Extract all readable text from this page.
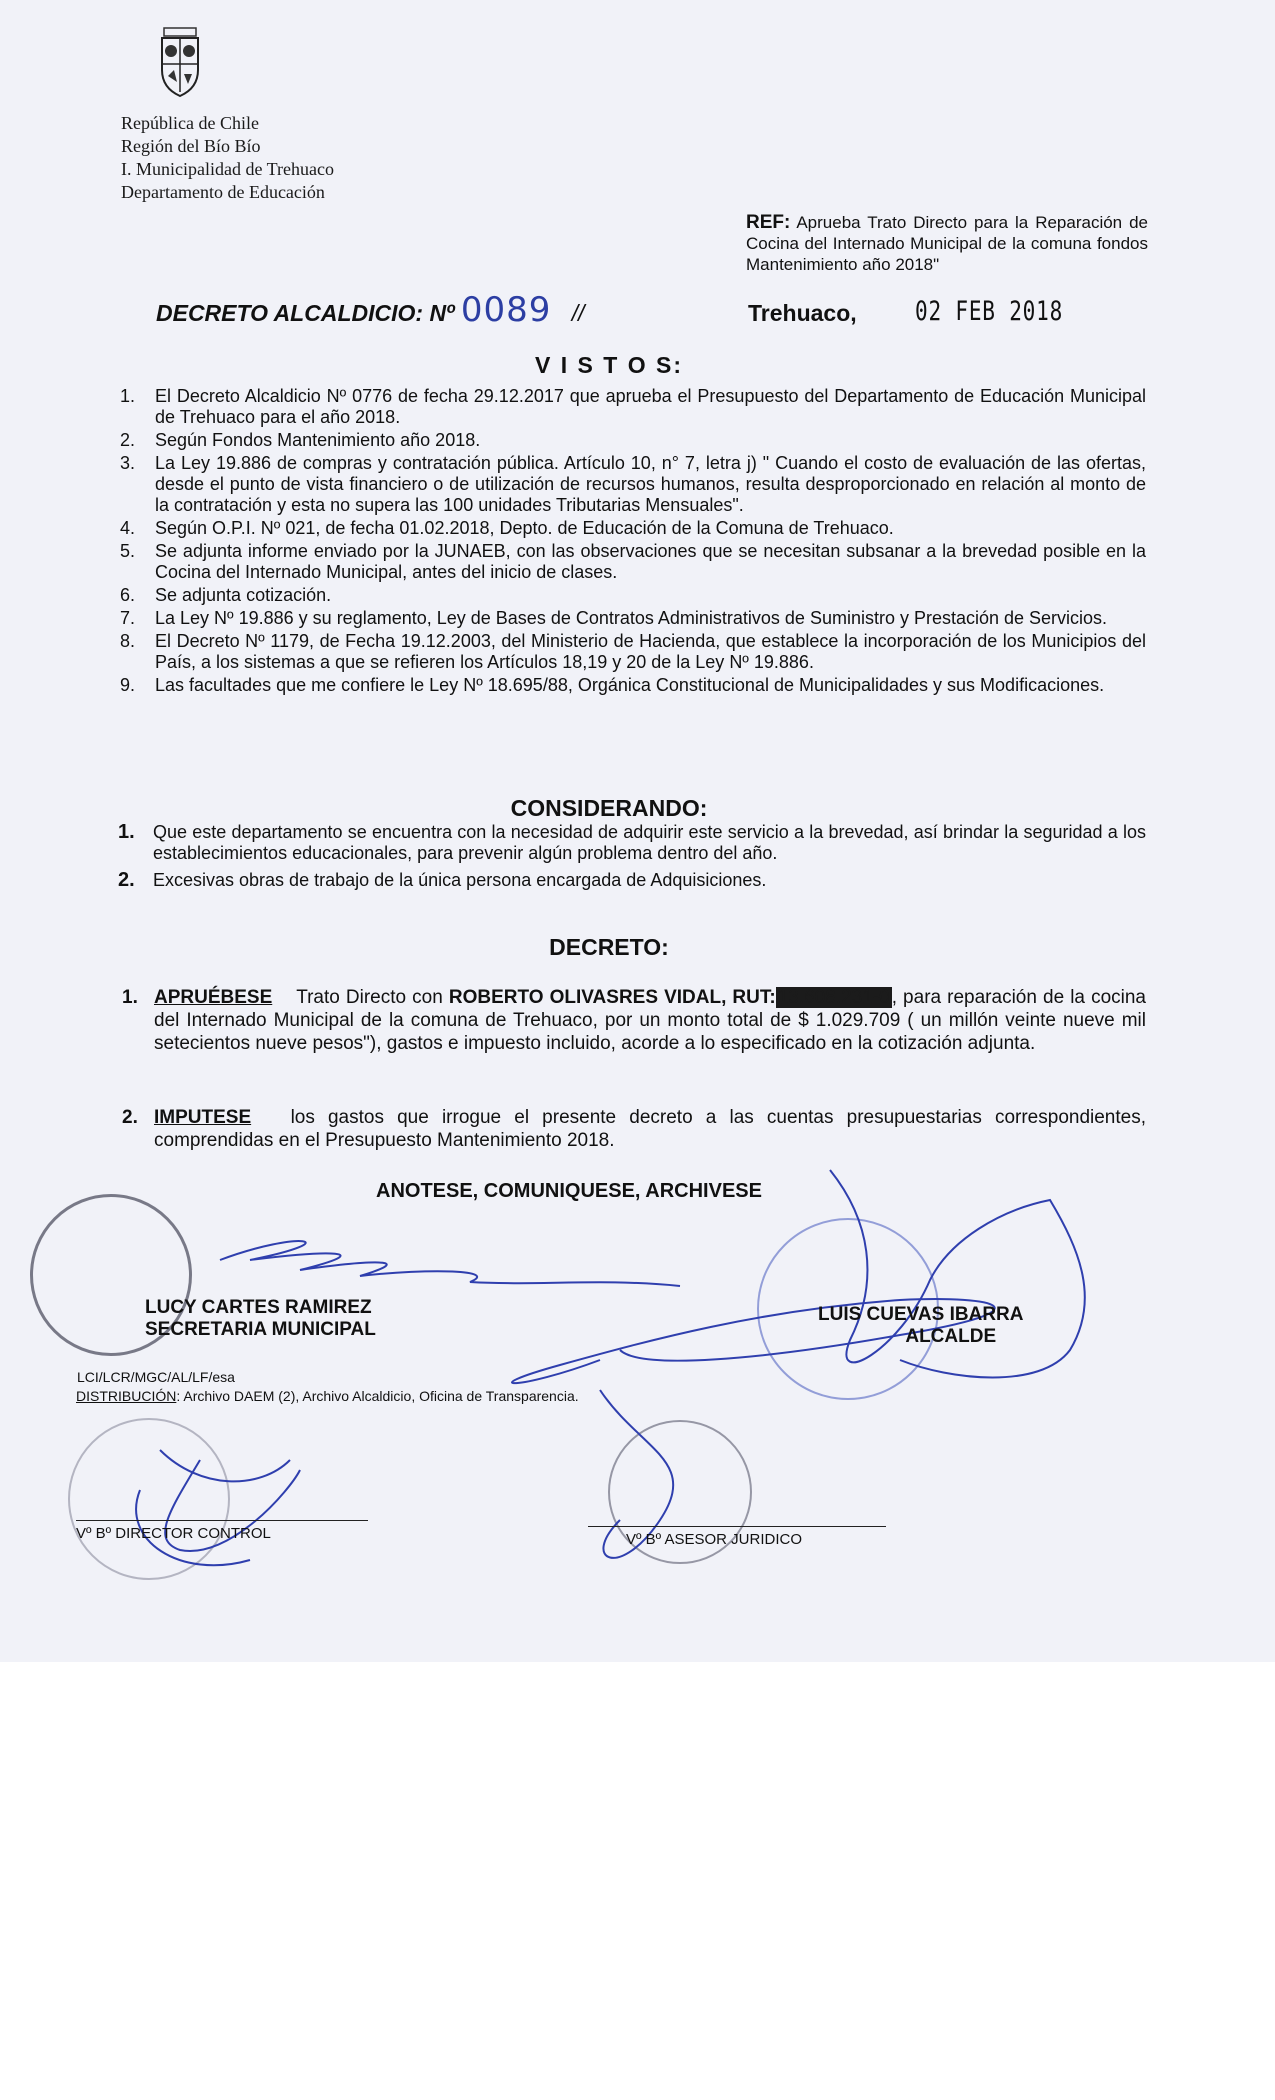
República de Chile
Región del Bío Bío
I. Municipalidad de Trehuaco
Departamento de Educación
REF: Aprueba Trato Directo para la Reparación de Cocina del Internado Municipal de la comuna fondos Mantenimiento año 2018"
DECRETO ALCALDICIO: Nº 0089 //	Trehuaco, 02 FEB 2018
V I S T O S:
1. El Decreto Alcaldicio Nº 0776 de fecha 29.12.2017 que aprueba el Presupuesto del Departamento de Educación Municipal de Trehuaco para el año 2018.
2. Según Fondos Mantenimiento año 2018.
3. La Ley 19.886 de compras y contratación pública. Artículo 10, n° 7, letra j) " Cuando el costo de evaluación de las ofertas, desde el punto de vista financiero o de utilización de recursos humanos, resulta desproporcionado en relación al monto de la contratación y esta no supera las 100 unidades Tributarias Mensuales".
4. Según O.P.I. Nº 021, de fecha 01.02.2018, Depto. de Educación de la Comuna de Trehuaco.
5. Se adjunta informe enviado por la JUNAEB, con las observaciones que se necesitan subsanar a la brevedad posible en la Cocina del Internado Municipal, antes del inicio de clases.
6. Se adjunta cotización.
7. La Ley Nº 19.886 y su reglamento, Ley de Bases de Contratos Administrativos de Suministro y Prestación de Servicios.
8. El Decreto Nº 1179, de Fecha 19.12.2003, del Ministerio de Hacienda, que establece la incorporación de los Municipios del País, a los sistemas a que se refieren los Artículos 18,19 y 20 de la Ley Nº 19.886.
9. Las facultades que me confiere le Ley Nº 18.695/88, Orgánica Constitucional de Municipalidades y sus Modificaciones.
CONSIDERANDO:
1. Que este departamento se encuentra con la necesidad de adquirir este servicio a la brevedad, así brindar la seguridad a los establecimientos educacionales, para prevenir algún problema dentro del año.
2. Excesivas obras de trabajo de la única persona encargada de Adquisiciones.
DECRETO:
1. APRUÉBESE Trato Directo con ROBERTO OLIVASRES VIDAL, RUT: 13.608.231-0 , para reparación de la cocina del Internado Municipal de la comuna de Trehuaco, por un monto total de $ 1.029.709 ( un millón veinte nueve mil setecientos nueve pesos"), gastos e impuesto incluido, acorde a lo especificado en la cotización adjunta.
2. IMPUTESE los gastos que irrogue el presente decreto a las cuentas presupuestarias correspondientes, comprendidas en el Presupuesto Mantenimiento 2018.
ANOTESE, COMUNIQUESE, ARCHIVESE
LUCY CARTES RAMIREZ
SECRETARIA MUNICIPAL
LUIS CUEVAS IBARRA
ALCALDE
LCI/LCR/MGC/AL/LF/esa
DISTRIBUCIÓN: Archivo DAEM (2), Archivo Alcaldicio, Oficina de Transparencia.
Vº Bº DIRECTOR CONTROL	Vº Bº ASESOR JURIDICO
